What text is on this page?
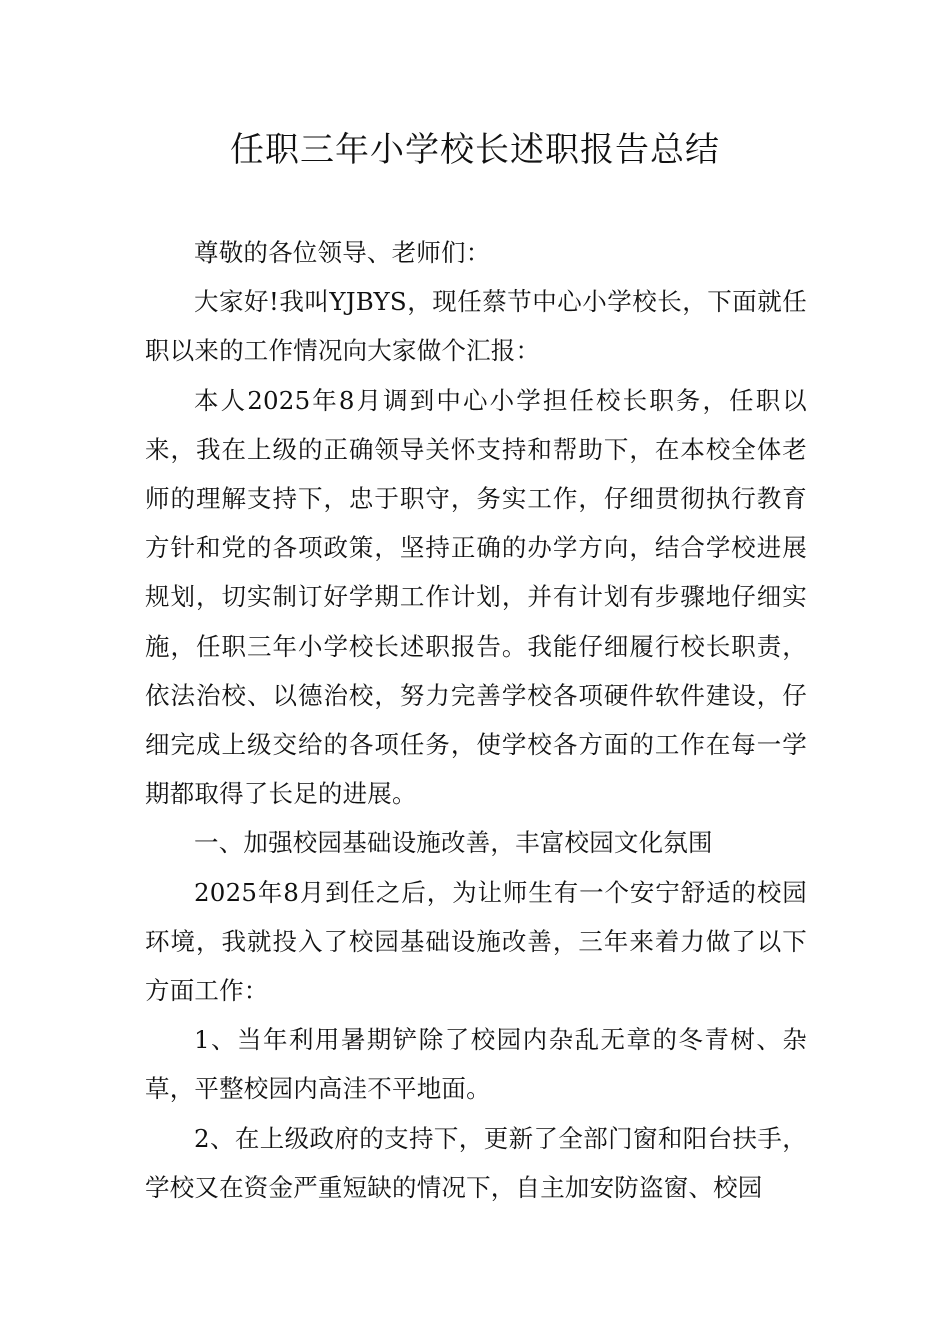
任职三年小学校长述职报告总结

尊敬的各位领导、老师们：

大家好!我叫YJBYS，现任蔡节中心小学校长，下面就任职以来的工作情况向大家做个汇报：

本人2025年8月调到中心小学担任校长职务，任职以来，我在上级的正确领导关怀支持和帮助下，在本校全体老师的理解支持下，忠于职守，务实工作，仔细贯彻执行教育方针和党的各项政策，坚持正确的办学方向，结合学校进展规划，切实制订好学期工作计划，并有计划有步骤地仔细实施，任职三年小学校长述职报告。我能仔细履行校长职责，依法治校、以德治校，努力完善学校各项硬件软件建设，仔细完成上级交给的各项任务，使学校各方面的工作在每一学期都取得了长足的进展。

一、加强校园基础设施改善，丰富校园文化氛围

2025年8月到任之后，为让师生有一个安宁舒适的校园环境，我就投入了校园基础设施改善，三年来着力做了以下方面工作：

1、当年利用暑期铲除了校园内杂乱无章的冬青树、杂草，平整校园内高洼不平地面。

2、在上级政府的支持下，更新了全部门窗和阳台扶手，学校又在资金严重短缺的情况下，自主加安防盗窗、校园
